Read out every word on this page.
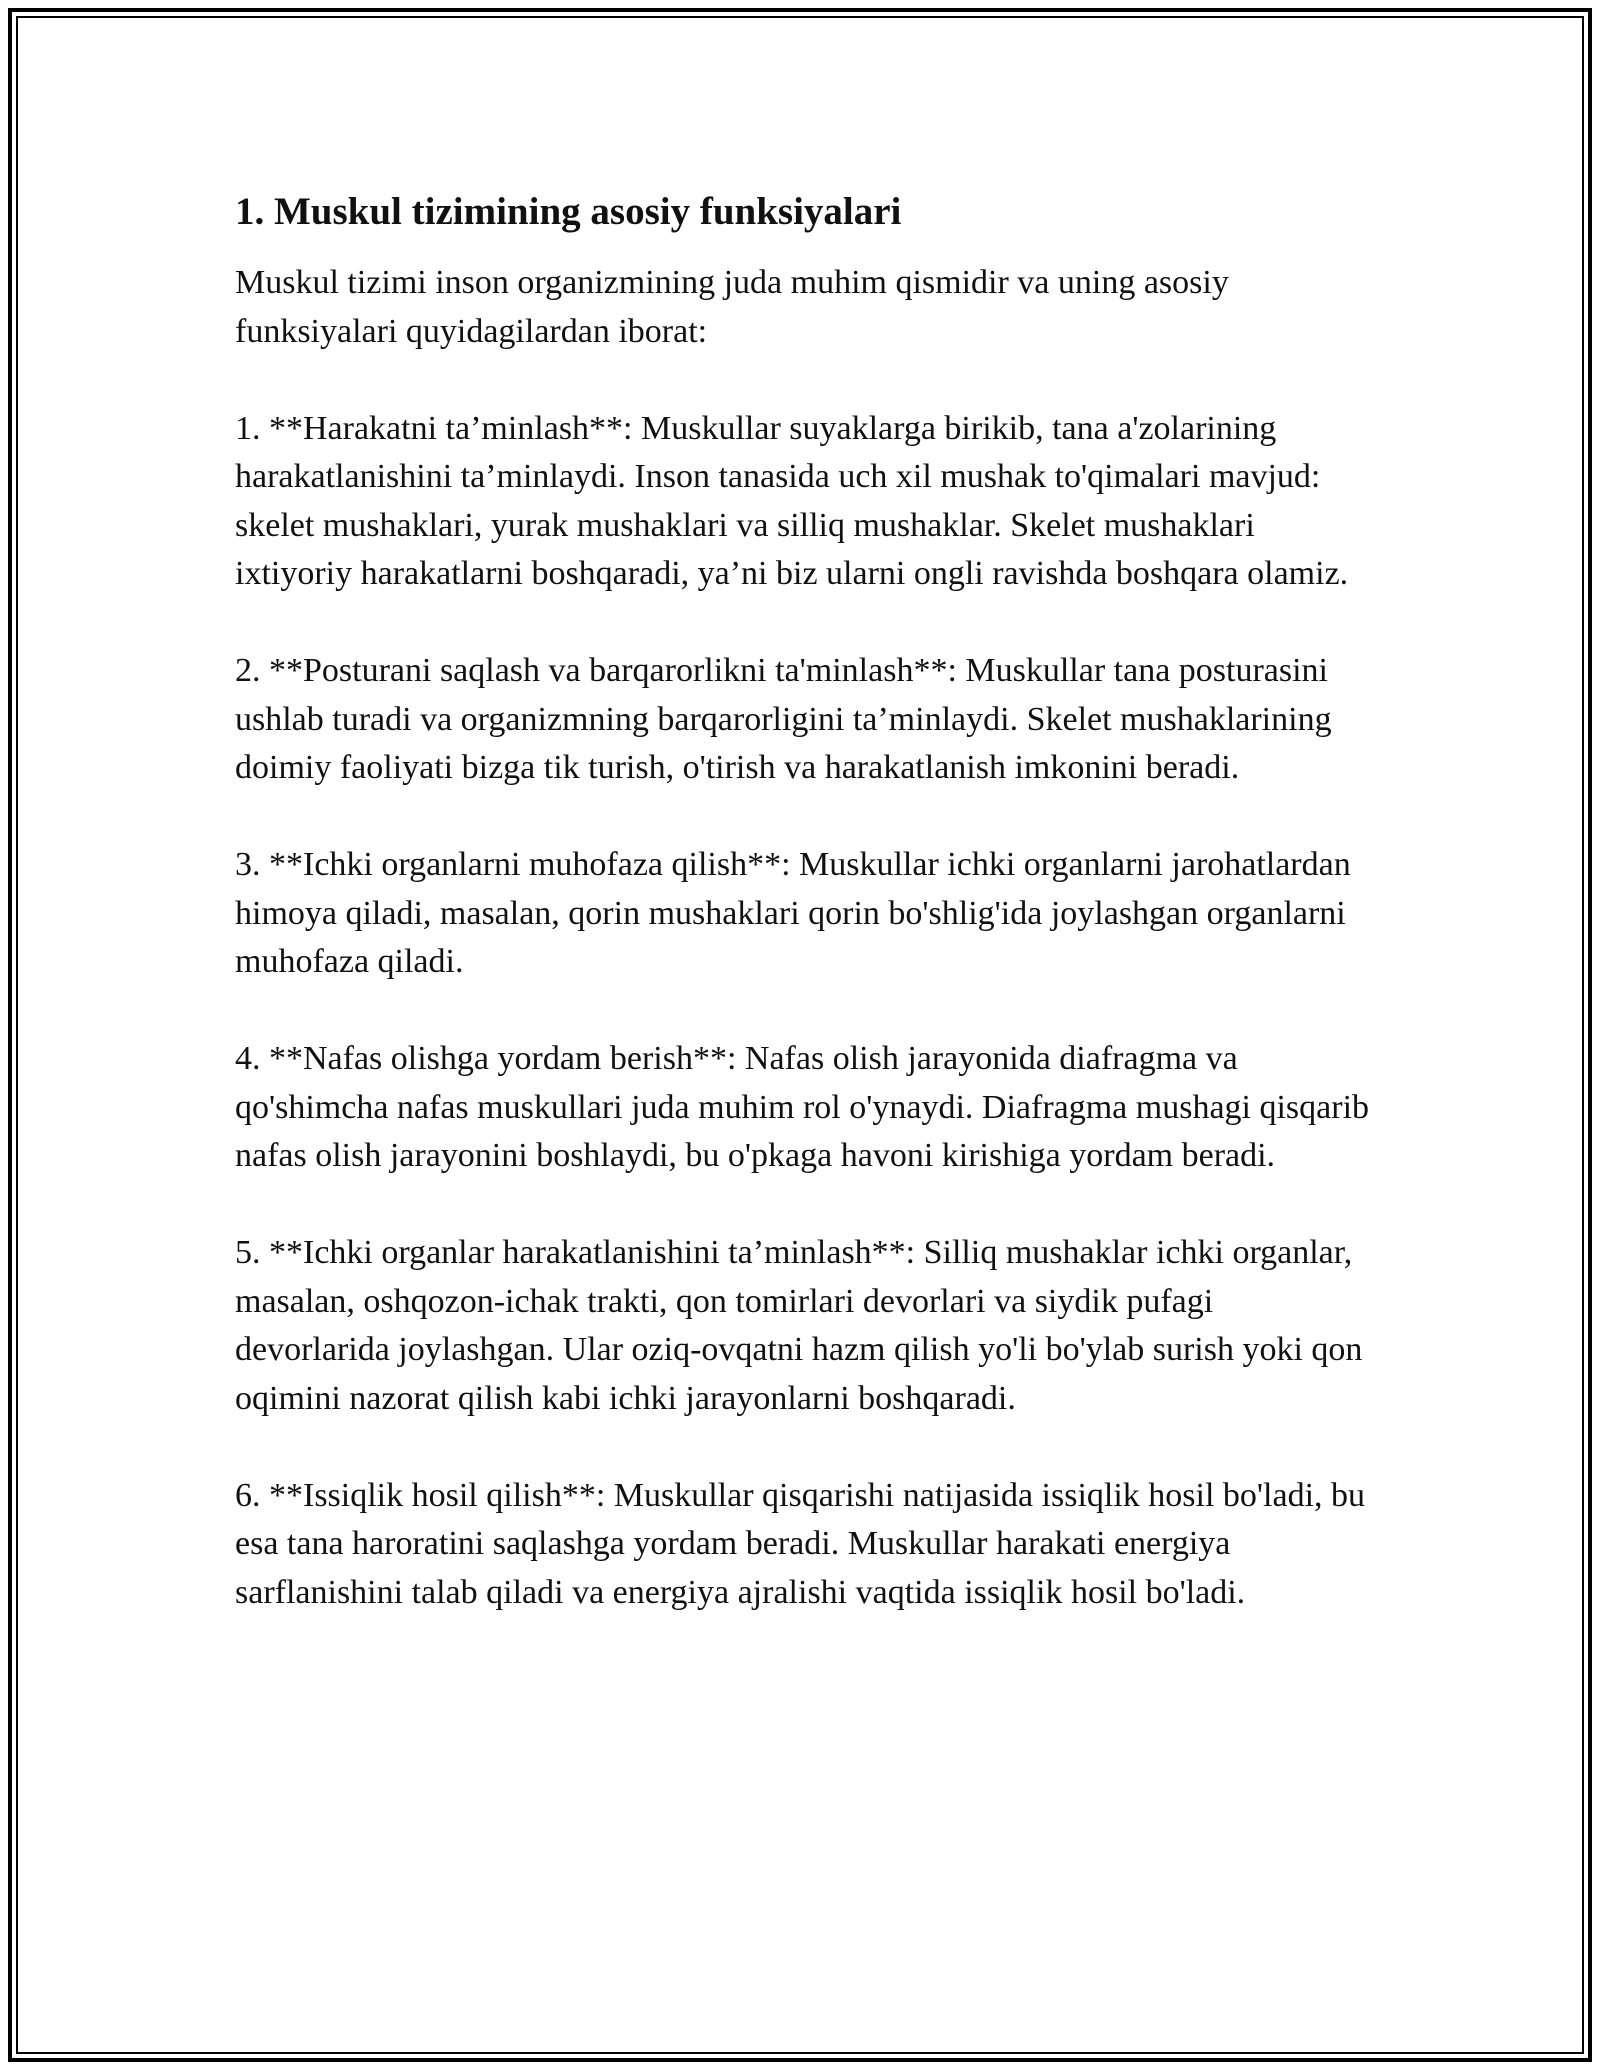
1. Muskul tizimining asosiy funksiyalari

Muskul tizimi inson organizmining juda muhim qismidir va uning asosiy funksiyalari quyidagilardan iborat:

1. **Harakatni ta’minlash**: Muskullar suyaklarga birikib, tana a'zolarining harakatlanishini ta’minlaydi. Inson tanasida uch xil mushak to'qimalari mavjud: skelet mushaklari, yurak mushaklari va silliq mushaklar. Skelet mushaklari ixtiyoriy harakatlarni boshqaradi, ya’ni biz ularni ongli ravishda boshqara olamiz.

2. **Posturani saqlash va barqarorlikni ta'minlash**: Muskullar tana posturasini ushlab turadi va organizmning barqarorligini ta’minlaydi. Skelet mushaklarining doimiy faoliyati bizga tik turish, o'tirish va harakatlanish imkonini beradi.

3. **Ichki organlarni muhofaza qilish**: Muskullar ichki organlarni jarohatlardan himoya qiladi, masalan, qorin mushaklari qorin bo'shlig'ida joylashgan organlarni muhofaza qiladi.

4. **Nafas olishga yordam berish**: Nafas olish jarayonida diafragma va qo'shimcha nafas muskullari juda muhim rol o'ynaydi. Diafragma mushagi qisqarib nafas olish jarayonini boshlaydi, bu o'pkaga havoni kirishiga yordam beradi.

5. **Ichki organlar harakatlanishini ta’minlash**: Silliq mushaklar ichki organlar, masalan, oshqozon-ichak trakti, qon tomirlari devorlari va siydik pufagi devorlarida joylashgan. Ular oziq-ovqatni hazm qilish yo'li bo'ylab surish yoki qon oqimini nazorat qilish kabi ichki jarayonlarni boshqaradi.

6. **Issiqlik hosil qilish**: Muskullar qisqarishi natijasida issiqlik hosil bo'ladi, bu esa tana haroratini saqlashga yordam beradi. Muskullar harakati energiya sarflanishini talab qiladi va energiya ajralishi vaqtida issiqlik hosil bo'ladi.
